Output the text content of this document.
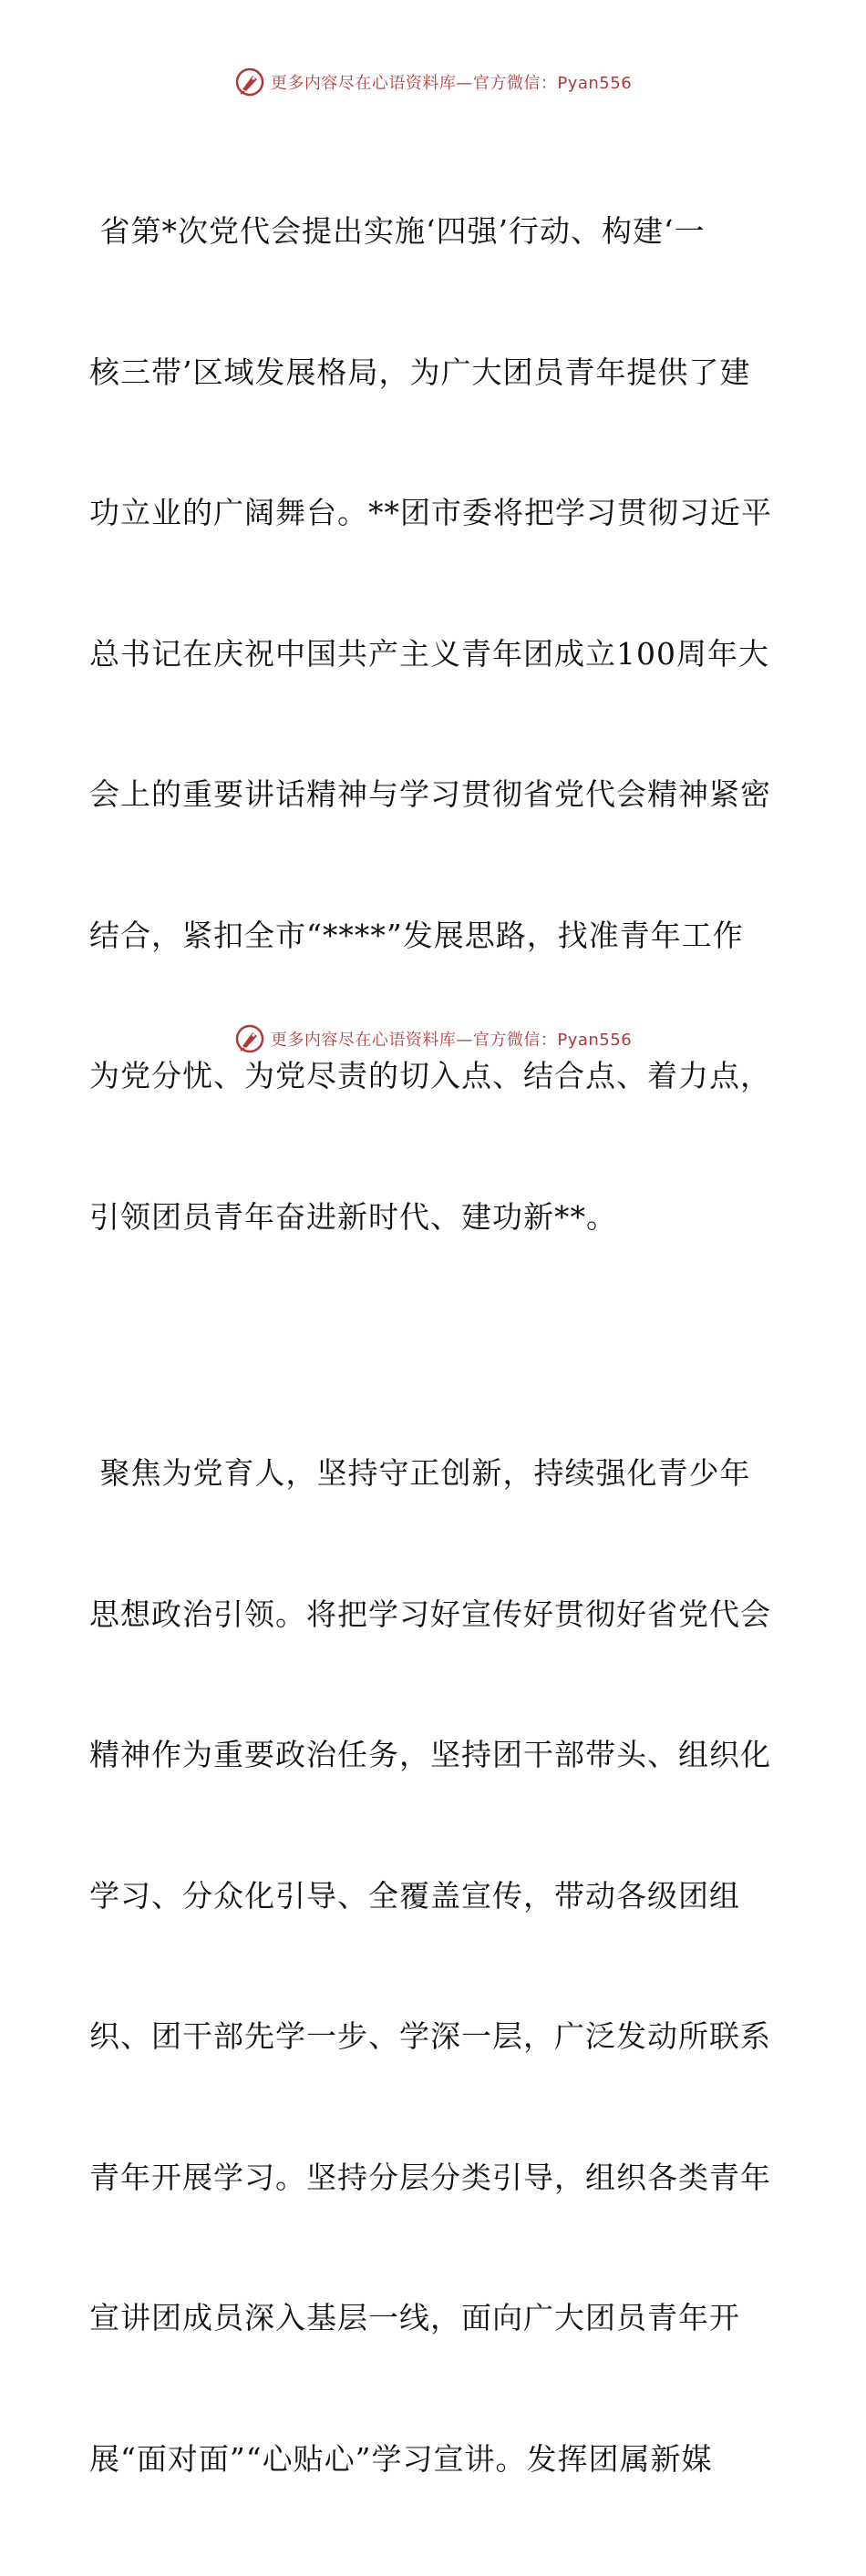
更多内容尽在心语资料库—官方微信：Pyan556

省第*次党代会提出实施‘四强’行动、构建‘一

核三带’区域发展格局，为广大团员青年提供了建

功立业的广阔舞台。**团市委将把学习贯彻习近平

总书记在庆祝中国共产主义青年团成立100周年大

会上的重要讲话精神与学习贯彻省党代会精神紧密

结合，紧扣全市“****”发展思路，找准青年工作

为党分忧、为党尽责的切入点、结合点、着力点，

引领团员青年奋进新时代、建功新**。

聚焦为党育人，坚持守正创新，持续强化青少年

思想政治引领。将把学习好宣传好贯彻好省党代会

精神作为重要政治任务，坚持团干部带头、组织化

学习、分众化引导、全覆盖宣传，带动各级团组

织、团干部先学一步、学深一层，广泛发动所联系

青年开展学习。坚持分层分类引导，组织各类青年

宣讲团成员深入基层一线，面向广大团员青年开

展“面对面”“心贴心”学习宣讲。发挥团属新媒

更多内容尽在心语资料库—官方微信：Pyan556
